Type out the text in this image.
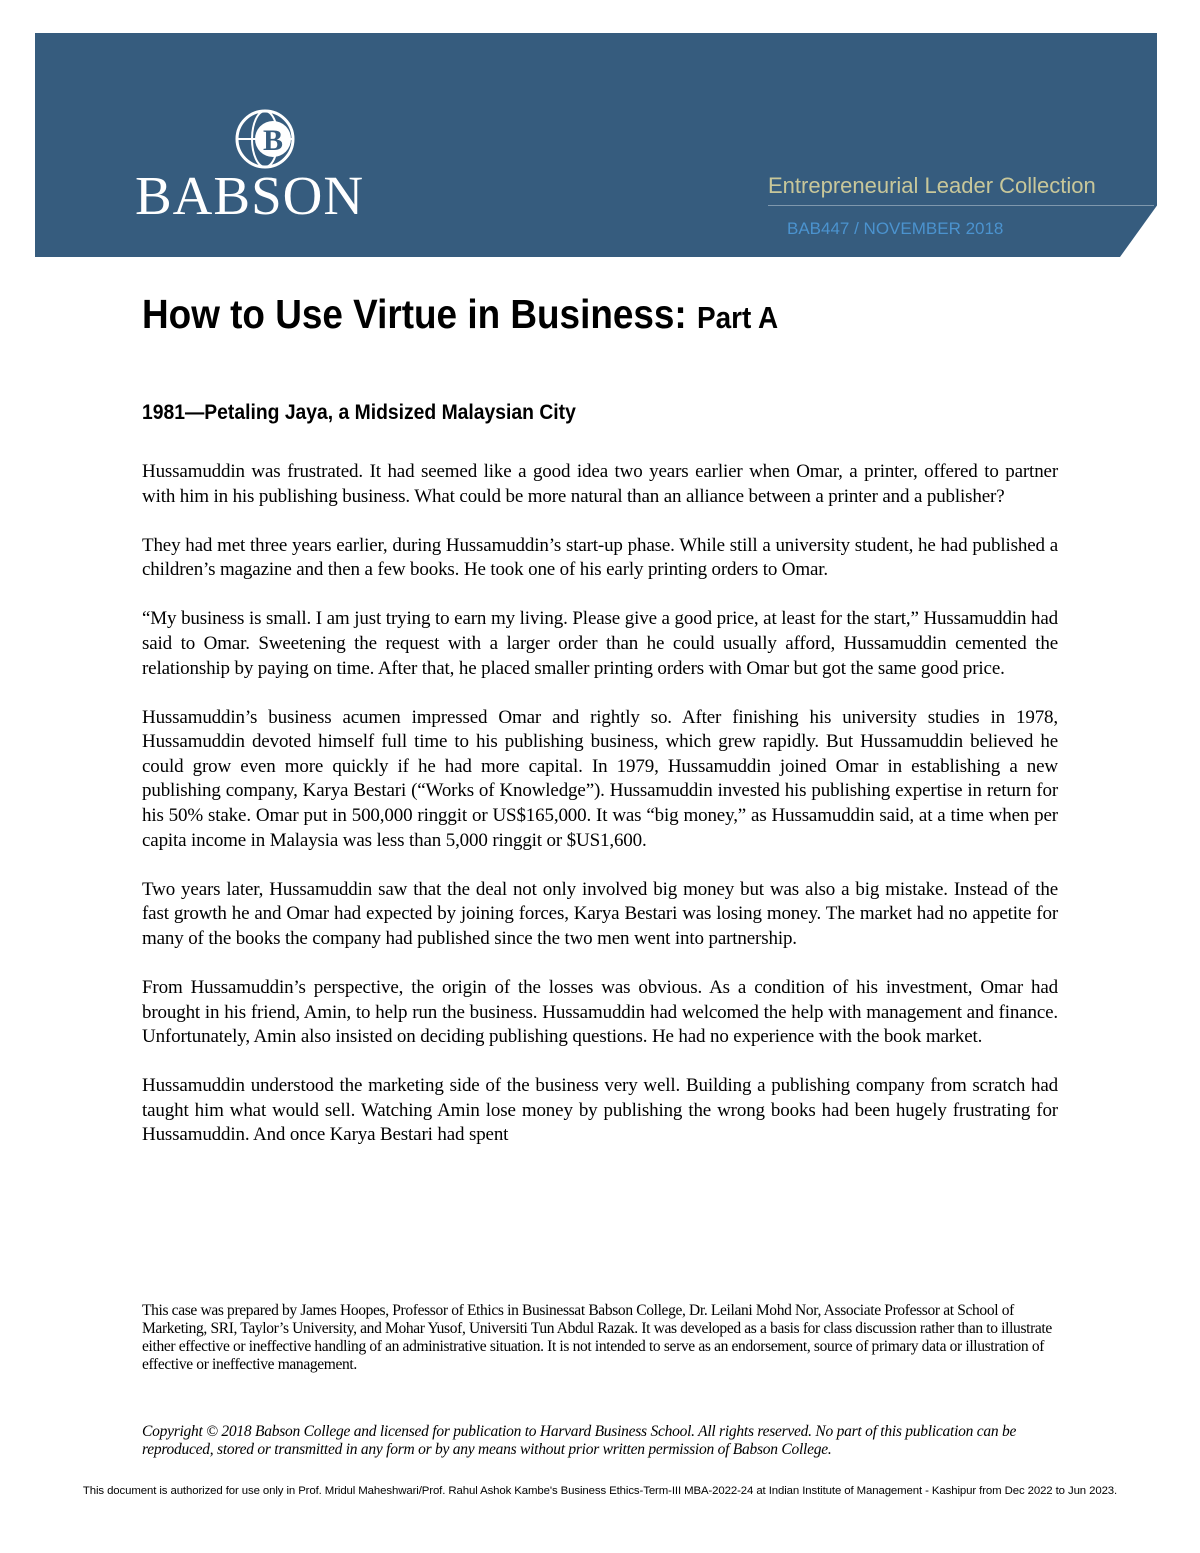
B
BABSON	Entrepreneurial Leader Collection
BAB447 / NOVEMBER 2018
How to Use Virtue in Business: Part A
1981—Petaling Jaya, a Midsized Malaysian City

Hussamuddin was frustrated. It had seemed like a good idea two years earlier when Omar, a printer, offered to partner with him in his publishing business. What could be more natural than an alliance between a printer and a publisher?

They had met three years earlier, during Hussamuddin’s start-up phase. While still a university student, he had published a children’s magazine and then a few books. He took one of his early printing orders to Omar.

“My business is small. I am just trying to earn my living. Please give a good price, at least for the start,” Hussamuddin had said to Omar. Sweetening the request with a larger order than he could usually afford, Hussamuddin cemented the relationship by paying on time. After that, he placed smaller printing orders with Omar but got the same good price.

Hussamuddin’s business acumen impressed Omar and rightly so. After finishing his university studies in 1978, Hussamuddin devoted himself full time to his publishing business, which grew rapidly. But Hussamuddin believed he could grow even more quickly if he had more capital. In 1979, Hussamuddin joined Omar in establishing a new publishing company, Karya Bestari (“Works of Knowledge”). Hussamuddin invested his publishing expertise in return for his 50% stake. Omar put in 500,000 ringgit or US$165,000. It was “big money,” as Hussamuddin said, at a time when per capita income in Malaysia was less than 5,000 ringgit or $US1,600.

Two years later, Hussamuddin saw that the deal not only involved big money but was also a big mistake. Instead of the fast growth he and Omar had expected by joining forces, Karya Bestari was losing money. The market had no appetite for many of the books the company had published since the two men went into partnership.

From Hussamuddin’s perspective, the origin of the losses was obvious. As a condition of his investment, Omar had brought in his friend, Amin, to help run the business. Hussamuddin had welcomed the help with management and finance. Unfortunately, Amin also insisted on deciding publishing questions. He had no experience with the book market.

Hussamuddin understood the marketing side of the business very well. Building a publishing company from scratch had taught him what would sell. Watching Amin lose money by publishing the wrong books had been hugely frustrating for Hussamuddin. And once Karya Bestari had spent

This case was prepared by James Hoopes, Professor of Ethics in Businessat Babson College, Dr. Leilani Mohd Nor, Associate Professor at School of Marketing, SRI, Taylor’s University, and Mohar Yusof, Universiti Tun Abdul Razak. It was developed as a basis for class discussion rather than to illustrate either effective or ineffective handling of an administrative situation. It is not intended to serve as an endorsement, source of primary data or illustration of effective or ineffective management.

Copyright © 2018 Babson College and licensed for publication to Harvard Business School. All rights reserved. No part of this publication can be reproduced, stored or transmitted in any form or by any means without prior written permission of Babson College.

This document is authorized for use only in Prof. Mridul Maheshwari/Prof. Rahul Ashok Kambe's Business Ethics-Term-III MBA-2022-24 at Indian Institute of Management - Kashipur from Dec 2022 to Jun 2023.
